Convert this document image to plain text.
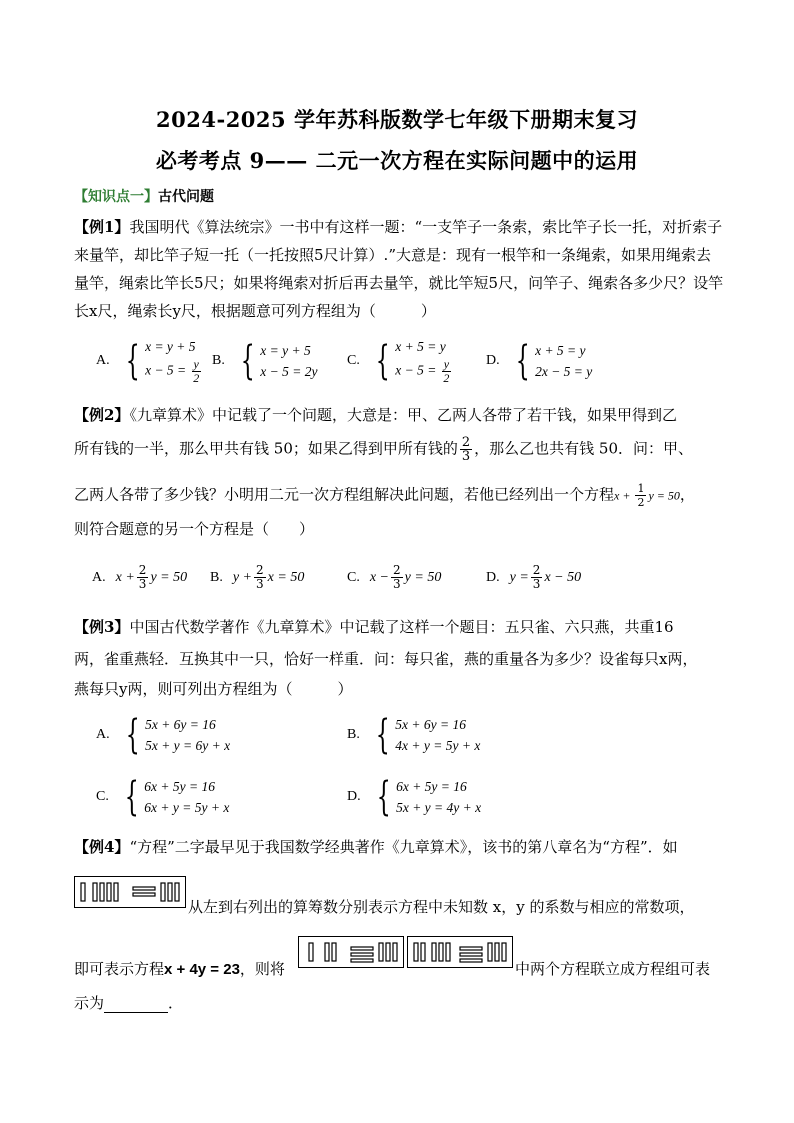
2024-2025 学年苏科版数学七年级下册期末复习
必考考点 9—— 二元一次方程在实际问题中的运用
【知识点一】古代问题
【例1】我国明代《算法统宗》一书中有这样一题：“一支竿子一条索，索比竿子长一托，对折索子来量竿，却比竿子短一托（一托按照5尺计算）.”大意是：现有一根竿和一条绳索，如果用绳索去量竿，绳索比竿长5尺；如果将绳索对折后再去量竿，就比竿短5尺，问竿子、绳索各多少尺？设竿长x尺，绳索长y尺，根据题意可列方程组为（　　　）
A. { x = y + 5
$x - 5 = \frac{y}{2} B$. { x = y + 5
x − 5 = 2y
C. { x + 5 = y
$x - 5 = \frac{y}{2} D$. { x + 5 = y
2x − 5 = y
【例2】《九章算术》中记载了一个问题，大意是：甲、乙两人各带了若干钱，如果甲得到乙
所有钱的一半，那么甲共有钱 50；如果乙得到甲所有钱的 $\frac{2}{3}$ ，那么乙也共有钱 50．问：甲、
乙两人各带了多少钱？小明用二元一次方程组解决此问题，若他已经列出一个方程$x + \frac{1}{2}$ y = 50，
则符合题意的另一个方程是（　　）
A. $x + \frac{2}{3}$ y = 50 B. $y + \frac{2}{3}$ x = 50	C. $x - \frac{2}{3}$ y = 50	D. $y = \frac{2}{3}$ x − 50
【例3】中国古代数学著作《九章算术》中记载了这样一个题目：五只雀、六只燕，共重16
两，雀重燕轻．互换其中一只，恰好一样重．问：每只雀，燕的重量各为多少？设雀每只x两，
燕每只y两，则可列出方程组为（　　　）
A. { 5x + 6y = 16
5x + y = 6y + x
B. { 5x + 6y = 16
4x + y = 5y + x
C. { 6x + 5y = 16
6x + y = 5y + x
D. { 6x + 5y = 16
5x + y = 4y + x
【例4】“方程”二字最早见于我国数学经典著作《九章算术》，该书的第八章名为“方程”．如
从左到右列出的算筹数分别表示方程中未知数 x，y 的系数与相应的常数项，
即可表示方程x + 4y = 23，则将	中两个方程联立成方程组可表
示为	．
